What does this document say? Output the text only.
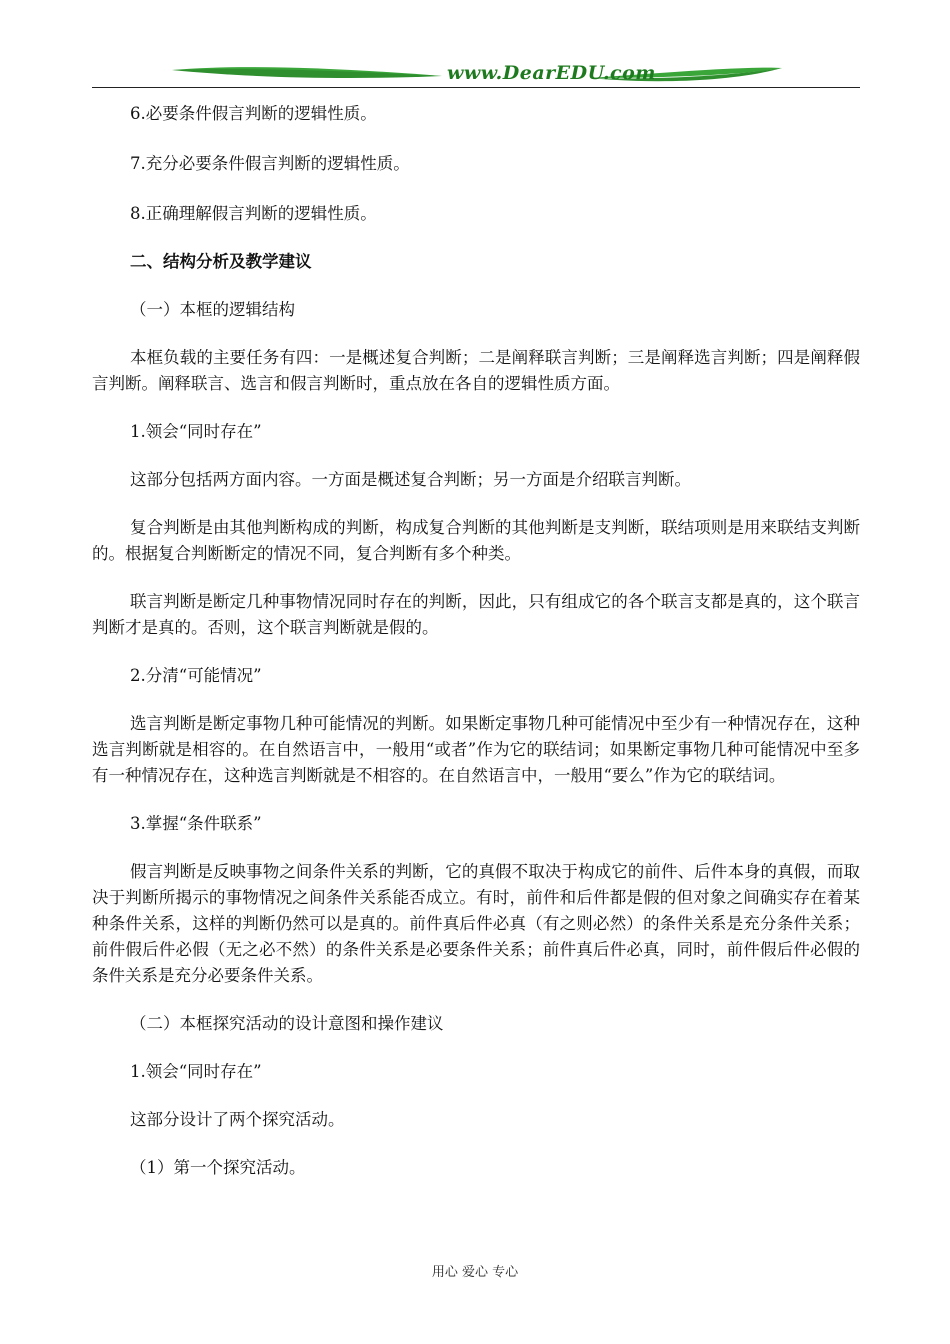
www.DearEDU.com

6.必要条件假言判断的逻辑性质。

7.充分必要条件假言判断的逻辑性质。

8.正确理解假言判断的逻辑性质。

二、结构分析及教学建议

（一）本框的逻辑结构

本框负载的主要任务有四：一是概述复合判断；二是阐释联言判断；三是阐释选言判断；四是阐释假言判断。阐释联言、选言和假言判断时，重点放在各自的逻辑性质方面。

1.领会“同时存在”

这部分包括两方面内容。一方面是概述复合判断；另一方面是介绍联言判断。

复合判断是由其他判断构成的判断，构成复合判断的其他判断是支判断，联结项则是用来联结支判断的。根据复合判断断定的情况不同，复合判断有多个种类。

联言判断是断定几种事物情况同时存在的判断，因此，只有组成它的各个联言支都是真的，这个联言判断才是真的。否则，这个联言判断就是假的。

2.分清“可能情况”

选言判断是断定事物几种可能情况的判断。如果断定事物几种可能情况中至少有一种情况存在，这种选言判断就是相容的。在自然语言中，一般用“或者”作为它的联结词；如果断定事物几种可能情况中至多有一种情况存在，这种选言判断就是不相容的。在自然语言中，一般用“要么”作为它的联结词。

3.掌握“条件联系”

假言判断是反映事物之间条件关系的判断，它的真假不取决于构成它的前件、后件本身的真假，而取决于判断所揭示的事物情况之间条件关系能否成立。有时，前件和后件都是假的但对象之间确实存在着某种条件关系，这样的判断仍然可以是真的。前件真后件必真（有之则必然）的条件关系是充分条件关系；前件假后件必假（无之必不然）的条件关系是必要条件关系；前件真后件必真，同时，前件假后件必假的条件关系是充分必要条件关系。

（二）本框探究活动的设计意图和操作建议

1.领会“同时存在”

这部分设计了两个探究活动。

（1）第一个探究活动。

用心 爱心 专心
